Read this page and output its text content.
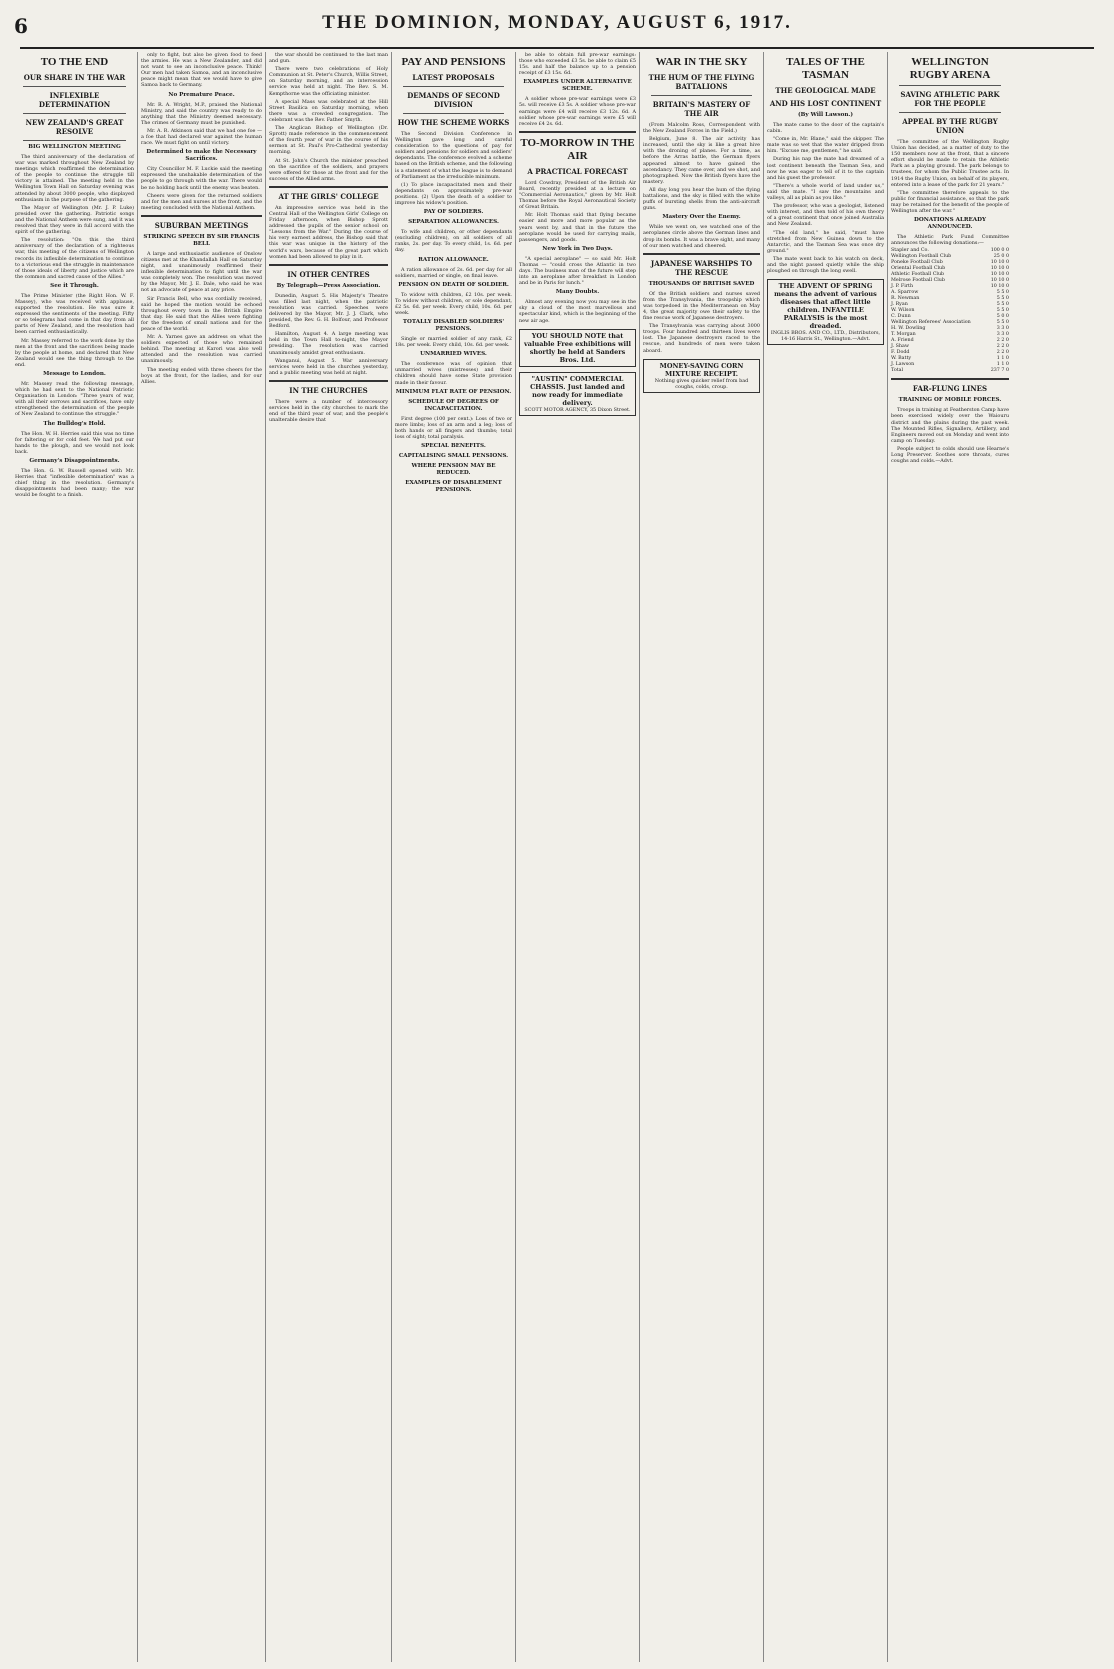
6	THE DOMINION, MONDAY, AUGUST 6, 1917.
TO THE END
OUR SHARE IN THE WAR
INFLEXIBLE DETERMINATION
NEW ZEALAND'S GREAT RESOLVE
BIG WELLINGTON MEETING

The third anniversary of the declaration of war was marked throughout New Zealand by meetings which reaffirmed the determination of the people to continue the struggle till victory is attained. The meeting held in the Wellington Town Hall on Saturday evening was attended by about 3000 people, who displayed enthusiasm in the purpose of the gathering.

The Mayor of Wellington (Mr. J. P. Luke) presided over the gathering. Patriotic songs and the National Anthem were sung, and it was resolved that they were in full accord with the spirit of the gathering.

The resolution: "On this the third anniversary of the declaration of a righteous war, this meeting of the citizens of Wellington records its inflexible determination to continue to a victorious end the struggle in maintenance of those ideals of liberty and justice which are the common and sacred cause of the Allies."

See it Through.

The Prime Minister (the Right Hon. W. F. Massey), who was received with applause, supported the resolution. He was sure it expressed the sentiments of the meeting. Fifty or so telegrams had come in that day from all parts of New Zealand, and the resolution had been carried enthusiastically.

Mr. Massey referred to the work done by the men at the front and the sacrifices being made by the people at home, and declared that New Zealand would see the thing through to the end.

Message to London.

Mr. Massey read the following message, which he had sent to the National Patriotic Organisation in London: "Three years of war, with all their sorrows and sacrifices, have only strengthened the determination of the people of New Zealand to continue the struggle."

The Bulldog's Hold.

The Hon. W. H. Herries said this was no time for faltering or for cold feet. We had put our hands to the plough, and we would not look back.

Germany's Disappointments.

The Hon. G. W. Russell opened with Mr. Herries that "inflexible determination" was a chief thing in the resolution. Germany's disappointments had been many; the war would be fought to a finish.

only to fight, but also be given food to feed the armies. He was a New Zealander, and did not want to see an inconclusive peace. Think! Our men had taken Samoa, and an inconclusive peace might mean that we would have to give Samoa back to Germany.

No Premature Peace.

Mr. R. A. Wright, M.P., praised the National Ministry, and said the country was ready to do anything that the Ministry deemed necessary. The crimes of Germany must be punished.

Mr. A. R. Atkinson said that we had one foe — a foe that had declared war against the human race. We must fight on until victory.

Determined to make the Necessary Sacrifices.

City Councillor M. F. Luckie said the meeting expressed the unshakable determination of the people to go through with the war. There would be no holding back until the enemy was beaten.

Cheers were given for the returned soldiers and for the men and nurses at the front, and the meeting concluded with the National Anthem.

SUBURBAN MEETINGS
STRIKING SPEECH BY SIR FRANCIS BELL

A large and enthusiastic audience of Onslow citizens met at the Khandallah Hall on Saturday night, and unanimously reaffirmed their inflexible determination to fight until the war was completely won. The resolution was moved by the Mayor, Mr. J. E. Dale, who said he was not an advocate of peace at any price.

Sir Francis Bell, who was cordially received, said he hoped the motion would be echoed throughout every town in the British Empire that day. He said that the Allies were fighting for the freedom of small nations and for the peace of the world.

Mr. A. Yarnes gave an address on what the soldiers expected of those who remained behind. The meeting at Karori was also well attended and the resolution was carried unanimously.

The meeting ended with three cheers for the boys at the front, for the ladies, and for our Allies.

the war should be continued to the last man and gun.

There were two celebrations of Holy Communion at St. Peter's Church, Willis Street, on Saturday morning, and an intercession service was held at night. The Rev. S. M. Kempthorne was the officiating minister.

A special Mass was celebrated at the Hill Street Basilica on Saturday morning, when there was a crowded congregation. The celebrant was the Rev. Father Smyth.

The Anglican Bishop of Wellington (Dr. Sprott) made reference in the commencement of the fourth year of war in the course of his sermon at St. Paul's Pro-Cathedral yesterday morning.

At St. John's Church the minister preached on the sacrifice of the soldiers, and prayers were offered for those at the front and for the success of the Allied arms.

AT THE GIRLS' COLLEGE

An impressive service was held in the Central Hall of the Wellington Girls' College on Friday afternoon, when Bishop Sprott addressed the pupils of the senior school on "Lessons from the War." During the course of his very earnest address, the Bishop said that this war was unique in the history of the world's wars, because of the great part which women had been allowed to play in it.

IN OTHER CENTRES
By Telegraph—Press Association.

Dunedin, August 5. His Majesty's Theatre was filled last night, when the patriotic resolution was carried. Speeches were delivered by the Mayor, Mr. J. J. Clark, who presided, the Rev. G. H. Bolfour, and Professor Bedford.

Hamilton, August 4. A large meeting was held in the Town Hall to-night, the Mayor presiding. The resolution was carried unanimously amidst great enthusiasm.

Wanganui, August 5. War anniversary services were held in the churches yesterday, and a public meeting was held at night.

IN THE CHURCHES

There were a number of intercessory services held in the city churches to mark the end of the third year of war, and the people's unalterable desire that

PAY AND PENSIONS
LATEST PROPOSALS
DEMANDS OF SECOND DIVISION
HOW THE SCHEME WORKS

The Second Division Conference in Wellington gave long and careful consideration to the questions of pay for soldiers and pensions for soldiers and soldiers' dependants. The conference evolved a scheme based on the British scheme, and the following is a statement of what the league is to demand of Parliament as the irreducible minimum.

(1) To place incapacitated men and their dependants on approximately pre-war positions. (2) Upon the death of a soldier to improve his widow's position.

PAY OF SOLDIERS.
SEPARATION ALLOWANCES.

To wife and children, or other dependants (excluding children), on all soldiers of all ranks, 2s. per day. To every child, 1s. 6d. per day.

RATION ALLOWANCE.

A ration allowance of 2s. 6d. per day for all soldiers, married or single, on final leave.

PENSION ON DEATH OF SOLDIER.

To widow with children, £2 10s. per week. To widow without children, or sole dependant, £2 5s. 6d. per week. Every child, 10s. 6d. per week.

TOTALLY DISABLED SOLDIERS' PENSIONS.

Single or married soldier of any rank, £2 18s. per week. Every child, 10s. 6d. per week.

UNMARRIED WIVES.

The conference was of opinion that unmarried wives (mistresses) and their children should have some State provision made in their favour.

MINIMUM FLAT RATE OF PENSION.
SCHEDULE OF DEGREES OF INCAPACITATION.

First degree (100 per cent.): Loss of two or more limbs; loss of an arm and a leg; loss of both hands or all fingers and thumbs; total loss of sight; total paralysis.

SPECIAL BENEFITS.
CAPITALISING SMALL PENSIONS.
WHERE PENSION MAY BE REDUCED.
EXAMPLES OF DISABLEMENT PENSIONS.

be able to obtain full pre-war earnings: those who exceeded £3 5s. be able to claim £5 15s. and half the balance up to a pension receipt of £3 15s. 6d.

EXAMPLES UNDER ALTERNATIVE SCHEME.

A soldier whose pre-war earnings were £3 5s. will receive £3 5s. A soldier whose pre-war earnings were £4 will receive £3 12s. 6d. A soldier whose pre-war earnings were £5 will receive £4 2s. 6d.

TO-MORROW IN THE AIR
A PRACTICAL FORECAST

Lord Cowdray, President of the British Air Board, recently presided at a lecture on "Commercial Aeronautics," given by Mr. Holt Thomas before the Royal Aeronautical Society of Great Britain.

Mr. Holt Thomas said that flying became easier and more and more popular as the years went by, and that in the future the aeroplane would be used for carrying mails, passengers, and goods.

New York in Two Days.

"A special aeroplane" — so said Mr. Holt Thomas — "could cross the Atlantic in two days. The business man of the future will step into an aeroplane after breakfast in London and be in Paris for lunch."

Many Doubts.

Almost any evening now you may see in the sky a cloud of the most marvellous and spectacular kind, which is the beginning of the new air age.

YOU SHOULD NOTE that valuable Free exhibitions will shortly be held at Sanders Bros. Ltd.
"AUSTIN" COMMERCIAL CHASSIS. Just landed and now ready for immediate delivery.
SCOTT MOTOR AGENCY, 35 Dixon Street.
WAR IN THE SKY
THE HUM OF THE FLYING BATTALIONS
BRITAIN'S MASTERY OF THE AIR

(From Malcolm Ross, Correspondent with the New Zealand Forces in the Field.)

Belgium, June 8. The air activity has increased, until the sky is like a great hive with the droning of planes. For a time, as before the Arras battle, the German flyers appeared almost to have gained the ascendancy. They came over, and we shot, and photographed. Now the British flyers have the mastery.

All day long you hear the hum of the flying battalions, and the sky is filled with the white puffs of bursting shells from the anti-aircraft guns.

Mastery Over the Enemy.

While we went on, we watched one of the aeroplanes circle above the German lines and drop its bombs. It was a brave sight, and many of our men watched and cheered.

JAPANESE WARSHIPS TO THE RESCUE
THOUSANDS OF BRITISH SAVED

Of the British soldiers and nurses saved from the Transylvania, the troopship which was torpedoed in the Mediterranean on May 4, the great majority owe their safety to the fine rescue work of Japanese destroyers.

The Transylvania was carrying about 3000 troops. Four hundred and thirteen lives were lost. The Japanese destroyers raced to the rescue, and hundreds of men were taken aboard.

MONEY-SAVING CORN MIXTURE RECEIPT.
Nothing gives quicker relief from bad coughs, colds, croup.
TALES OF THE TASMAN
THE GEOLOGICAL MADE
AND HIS LOST CONTINENT
(By Will Lawson.)

The mate came to the door of the captain's cabin.

"Come in, Mr. Blane," said the skipper. The mate was so wet that the water dripped from him. "Excuse me, gentlemen," he said.

During his nap the mate had dreamed of a lost continent beneath the Tasman Sea, and now he was eager to tell of it to the captain and his guest the professor.

"There's a whole world of land under us," said the mate. "I saw the mountains and valleys, all as plain as you like."

The professor, who was a geologist, listened with interest, and then told of his own theory of a great continent that once joined Australia and New Zealand.

"The old land," he said, "must have stretched from New Guinea down to the Antarctic, and the Tasman Sea was once dry ground."

The mate went back to his watch on deck, and the night passed quietly while the ship ploughed on through the long swell.

THE ADVENT OF SPRING means the advent of various diseases that affect little children. INFANTILE PARALYSIS is the most dreaded.
INGLIS BROS. AND CO., LTD., Distributors, 14-16 Harris St., Wellington.—Advt.
WELLINGTON RUGBY ARENA
SAVING ATHLETIC PARK FOR THE PEOPLE
APPEAL BY THE RUGBY UNION

"The committee of the Wellington Rugby Union has decided, as a matter of duty to the 150 members now at the front, that a sincere effort should be made to retain the Athletic Park as a playing ground. The park belongs to trustees, for whom the Public Trustee acts. In 1914 the Rugby Union, on behalf of its players, entered into a lease of the park for 21 years."

"The committee therefore appeals to the public for financial assistance, so that the park may be retained for the benefit of the people of Wellington after the war."

DONATIONS ALREADY ANNOUNCED.

The Athletic Park Fund Committee announces the following donations:—

Stapler and Co.	100 0 0
Wellington Football Club	25 0 0
Poneke Football Club	10 10 0
Oriental Football Club	10 10 0
Athletic Football Club	10 10 0
Melrose Football Club	10 10 0
J. P. Firth	10 10 0
A. Sparrow	5 5 0
R. Newman	5 5 0
J. Ryan	5 5 0
W. Wilson	5 5 0
C. Dunn	5 0 0
Wellington Referees' Association	5 5 0
H. W. Dowling	3 3 0
T. Morgan	3 3 0
A. Friend	2 2 0
J. Shaw	2 2 0
F. Dodd	2 2 0
W. Batty	1 1 0
J. Lawson	1 1 0
Total	237 7 0
FAR-FLUNG LINES
TRAINING OF MOBILE FORCES.

Troops in training at Featherston Camp have been exercised widely over the Waiouru district and the plains during the past week. The Mounted Rifles, Signallers, Artillery, and Engineers moved out on Monday and went into camp on Tuesday.

People subject to colds should use Hearne's Long Preserver. Soothes sore throats, cures coughs and colds.—Advt.
